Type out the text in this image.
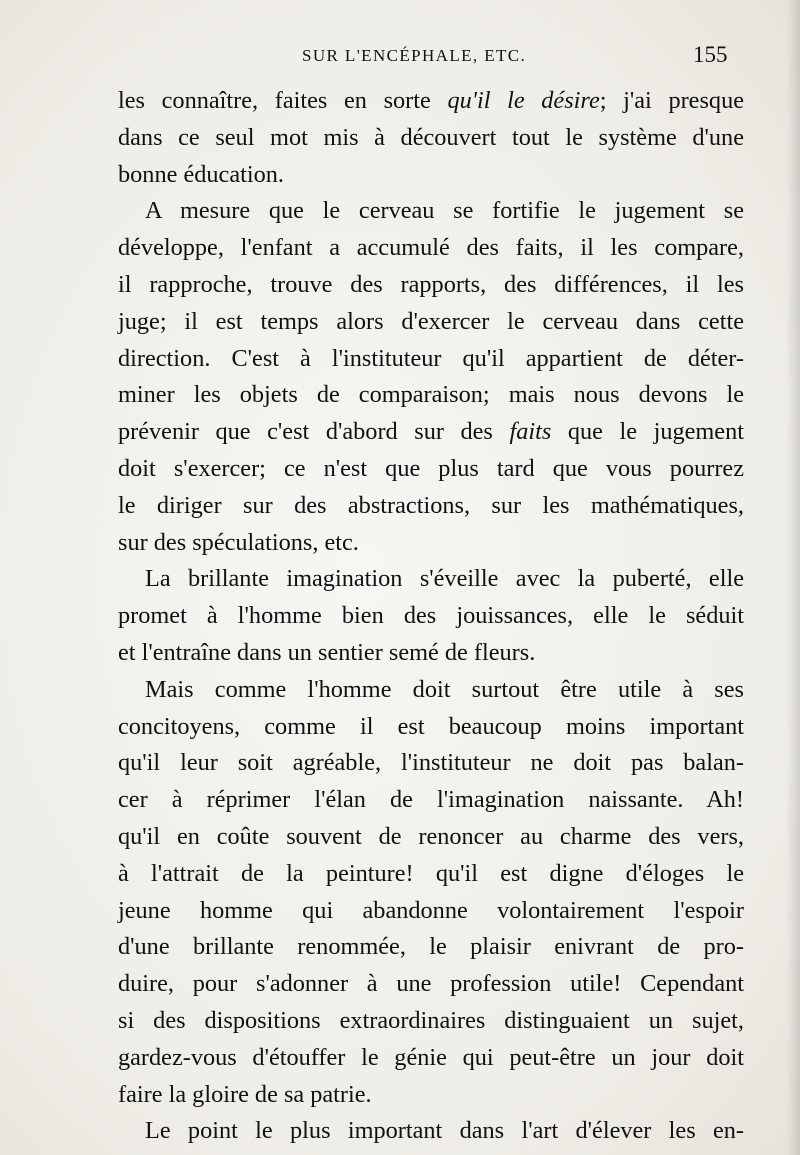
SUR L'ENCÉPHALE, ETC.	155
les connaître, faites en sorte qu'il le désire; j'ai presque
dans ce seul mot mis à découvert tout le système d'une
bonne éducation.
A mesure que le cerveau se fortifie le jugement se
développe, l'enfant a accumulé des faits, il les compare,
il rapproche, trouve des rapports, des différences, il les
juge; il est temps alors d'exercer le cerveau dans cette
direction. C'est à l'instituteur qu'il appartient de déter-
miner les objets de comparaison; mais nous devons le
prévenir que c'est d'abord sur des faits que le jugement
doit s'exercer; ce n'est que plus tard que vous pourrez
le diriger sur des abstractions, sur les mathématiques,
sur des spéculations, etc.
La brillante imagination s'éveille avec la puberté, elle
promet à l'homme bien des jouissances, elle le séduit
et l'entraîne dans un sentier semé de fleurs.
Mais comme l'homme doit surtout être utile à ses
concitoyens, comme il est beaucoup moins important
qu'il leur soit agréable, l'instituteur ne doit pas balan-
cer à réprimer l'élan de l'imagination naissante. Ah!
qu'il en coûte souvent de renoncer au charme des vers,
à l'attrait de la peinture! qu'il est digne d'éloges le
jeune homme qui abandonne volontairement l'espoir
d'une brillante renommée, le plaisir enivrant de pro-
duire, pour s'adonner à une profession utile! Cependant
si des dispositions extraordinaires distinguaient un sujet,
gardez-vous d'étouffer le génie qui peut-être un jour doit
faire la gloire de sa patrie.
Le point le plus important dans l'art d'élever les en-
